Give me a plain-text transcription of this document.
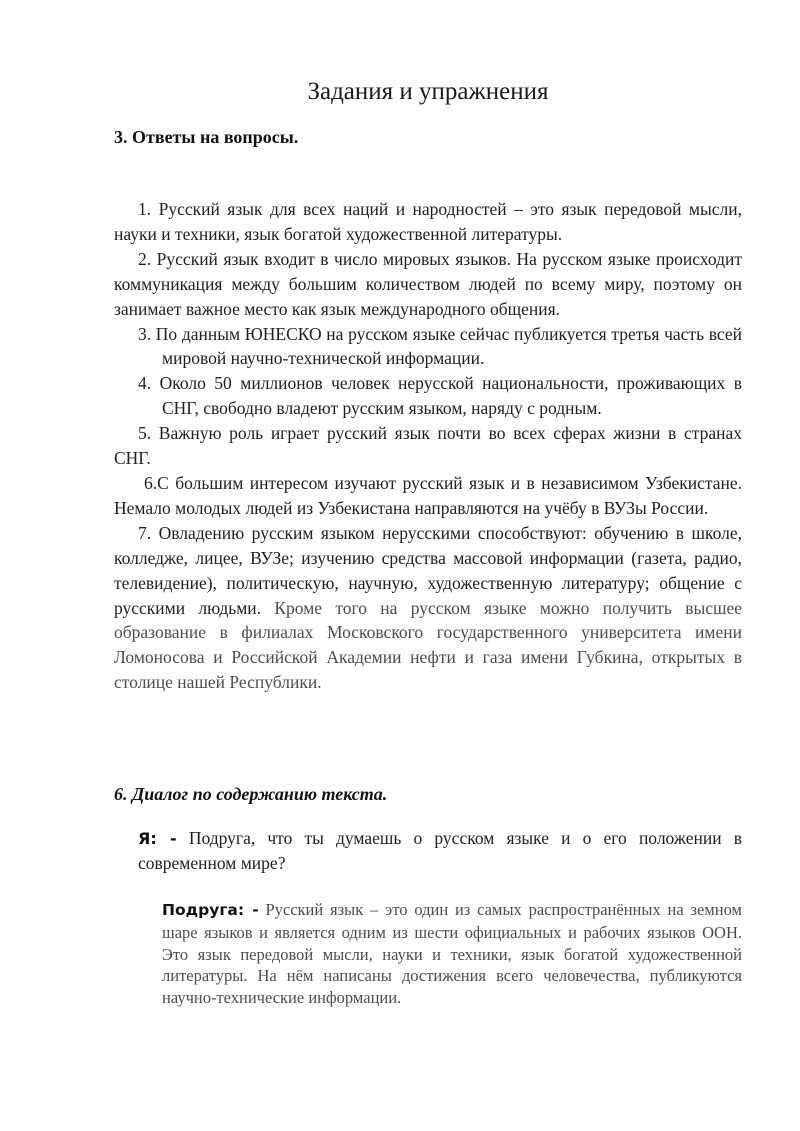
Задания и упражнения
3. Ответы на вопросы.
1. Русский язык для всех наций и народностей – это язык передовой мысли, науки и техники, язык богатой художественной литературы.
2. Русский язык входит в число мировых языков. На русском языке происходит коммуникация между большим количеством людей по всему миру, поэтому он занимает важное место как язык международного общения.
3. По данным ЮНЕСКО на русском языке сейчас публикуется третья часть всей мировой научно-технической информации.
4. Около 50 миллионов человек нерусской национальности, проживающих в СНГ, свободно владеют русским языком, наряду с родным.
5. Важную роль играет русский язык почти во всех сферах жизни в странах СНГ.
6.С большим интересом изучают русский язык и в независимом Узбекистане. Немало молодых людей из Узбекистана направляются на учёбу в ВУЗы России.
7. Овладению русским языком нерусскими способствуют: обучению в школе, колледже, лицее, ВУЗе; изучению средства массовой информации (газета, радио, телевидение), политическую, научную, художественную литературу; общение с русскими людьми. Кроме того на русском языке можно получить высшее образование в филиалах Московского государственного университета имени Ломоносова и Российской Академии нефти и газа имени Губкина, открытых в столице нашей Республики.
6. Диалог по содержанию текста.
Я: - Подруга, что ты думаешь о русском языке и о его положении в современном мире?
Подруга: - Русский язык – это один из самых распространённых на земном шаре языков и является одним из шести официальных и рабочих языков ООН. Это язык передовой мысли, науки и техники, язык богатой художественной литературы. На нём написаны достижения всего человечества, публикуются научно-технические информации.
